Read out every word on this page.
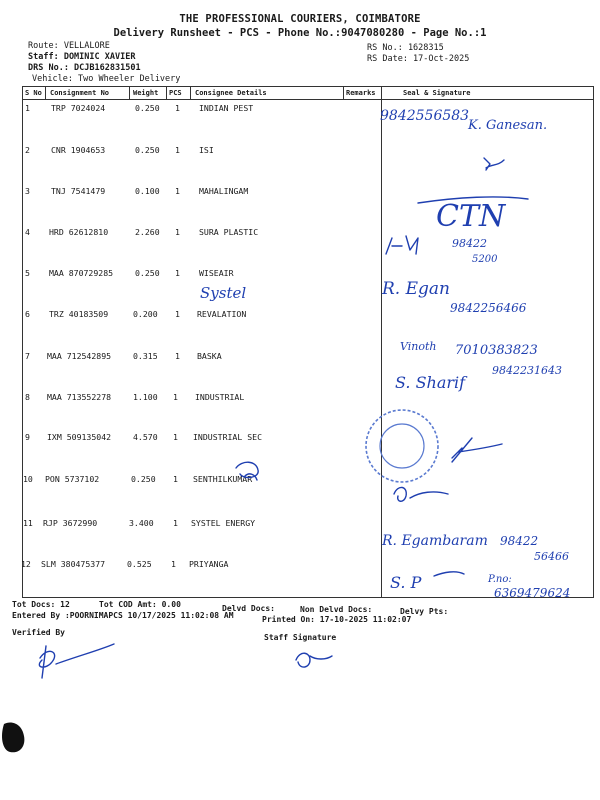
THE PROFESSIONAL COURIERS, COIMBATORE
Delivery Runsheet - PCS - Phone No.:9047080280 - Page No.:1
Route: VELLALORE
Staff: DOMINIC XAVIER
DRS No.: DCJB162831501
Vehicle: Two Wheeler Delivery
RS No.: 1628315
RS Date: 17-Oct-2025
S No Consignment No	Weight PCS Consignee Details	Remarks	Seal & Signature
1	TRP 7024024	0.250 1 INDIAN PEST
2	CNR 1904653	0.250 1 ISI
3	TNJ 7541479	0.100 1 MAHALINGAM
4 HRD 62612810	2.260 1 SURA PLASTIC
5 MAA 870729285	0.250 1 WISEAIR
6 TRZ 40183509	0.200 1 REVALATION
7 MAA 712542895	0.315 1 BASKA
8 MAA 713552278	1.100 1 INDUSTRIAL
9 IXM 509135042	4.570 1 INDUSTRIAL SEC
10 PON 5737102	0.250 1 SENTHILKUMAR
11 RJP 3672990	3.400 1 SYSTEL ENERGY
12 SLM 380475377	0.525 1 PRIYANGA
9842556583
K. Ganesan.
CTN
98422
5200
R. Egan
9842256466
Systel
Vinoth 7010383823
S. Sharif
9842231643
R. Egambaram 98422
56466
S. P	P.no:
6369479624
Tot Docs: 12	Tot COD Amt: 0.00	Delvd Docs:	Non Delvd Docs:	Delvy Pts:
Entered By :POORNIMAPCS 10/17/2025 11:02:08 AM	Printed On: 17-10-2025 11:02:07
Verified By
Staff Signature
